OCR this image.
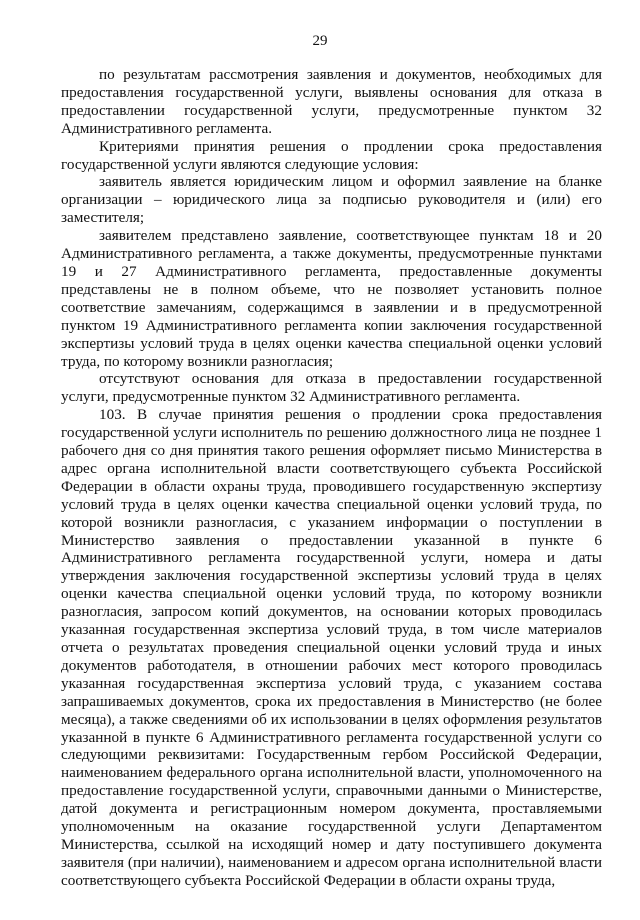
29

по результатам рассмотрения заявления и документов, необходимых для предоставления государственной услуги, выявлены основания для отказа в предоставлении государственной услуги, предусмотренные пунктом 32 Административного регламента.

Критериями принятия решения о продлении срока предоставления государственной услуги являются следующие условия:

заявитель является юридическим лицом и оформил заявление на бланке организации – юридического лица за подписью руководителя и (или) его заместителя;

заявителем представлено заявление, соответствующее пунктам 18 и 20 Административного регламента, а также документы, предусмотренные пунктами 19 и 27 Административного регламента, предоставленные документы представлены не в полном объеме, что не позволяет установить полное соответствие замечаниям, содержащимся в заявлении и в предусмотренной пунктом 19 Административного регламента копии заключения государственной экспертизы условий труда в целях оценки качества специальной оценки условий труда, по которому возникли разногласия;

отсутствуют основания для отказа в предоставлении государственной услуги, предусмотренные пунктом 32 Административного регламента.

103. В случае принятия решения о продлении срока предоставления государственной услуги исполнитель по решению должностного лица не позднее 1 рабочего дня со дня принятия такого решения оформляет письмо Министерства в адрес органа исполнительной власти соответствующего субъекта Российской Федерации в области охраны труда, проводившего государственную экспертизу условий труда в целях оценки качества специальной оценки условий труда, по которой возникли разногласия, с указанием информации о поступлении в Министерство заявления о предоставлении указанной в пункте 6 Административного регламента государственной услуги, номера и даты утверждения заключения государственной экспертизы условий труда в целях оценки качества специальной оценки условий труда, по которому возникли разногласия, запросом копий документов, на основании которых проводилась указанная государственная экспертиза условий труда, в том числе материалов отчета о результатах проведения специальной оценки условий труда и иных документов работодателя, в отношении рабочих мест которого проводилась указанная государственная экспертиза условий труда, с указанием состава запрашиваемых документов, срока их предоставления в Министерство (не более месяца), а также сведениями об их использовании в целях оформления результатов указанной в пункте 6 Административного регламента государственной услуги со следующими реквизитами: Государственным гербом Российской Федерации, наименованием федерального органа исполнительной власти, уполномоченного на предоставление государственной услуги, справочными данными о Министерстве, датой документа и регистрационным номером документа, проставляемыми уполномоченным на оказание государственной услуги Департаментом Министерства, ссылкой на исходящий номер и дату поступившего документа заявителя (при наличии), наименованием и адресом органа исполнительной власти соответствующего субъекта Российской Федерации в области охраны труда,
